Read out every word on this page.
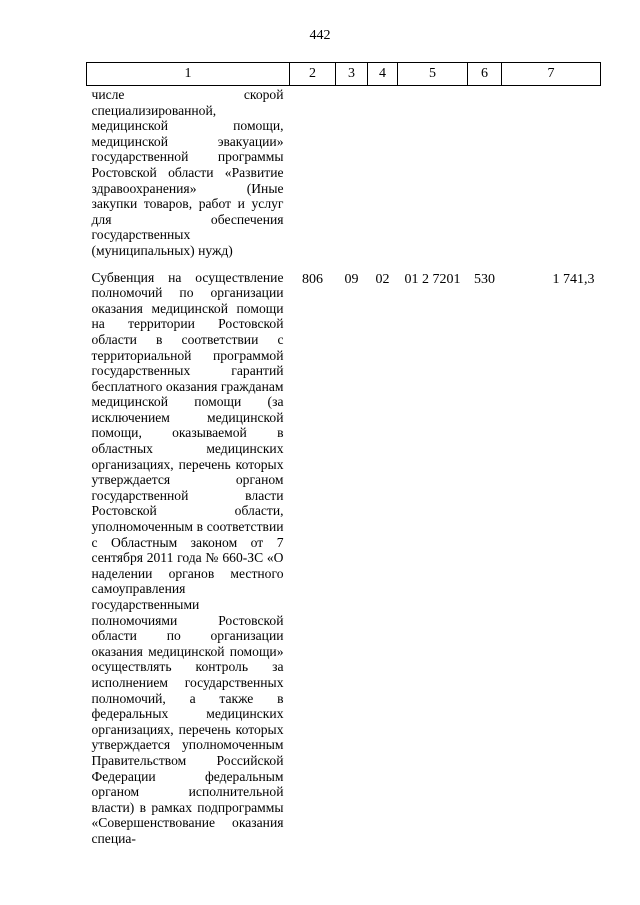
442
1	2	3	4	5	6	7
числе скорой специализированной, медицинской помощи, медицинской эвакуации» государственной программы Ростовской области «Развитие здравоохранения» (Иные закупки товаров, работ и услуг для обеспечения государственных (муниципальных) нужд)						

Субвенция на осуществление полномочий по организации оказания медицинской помощи на территории Ростовской области в соответствии с территориальной программой государственных гарантий бесплатного оказания гражданам медицинской помощи (за исключением медицинской помощи, оказываемой в областных медицинских организациях, перечень которых утверждается органом государственной власти Ростовской области, уполномоченным в соответствии с Областным законом от 7 сентября 2011 года № 660-ЗС «О наделении органов местного самоуправления государственными полномочиями Ростовской области по организации оказания медицинской помощи» осуществлять контроль за исполнением государственных полномочий, а также в федеральных медицинских организациях, перечень которых утверждается уполномоченным Правительством Российской Федерации федеральным органом исполнительной власти) в рамках подпрограммы «Совершенствование оказания специа-	806	09	02	01 2 7201	530	1 741,3
